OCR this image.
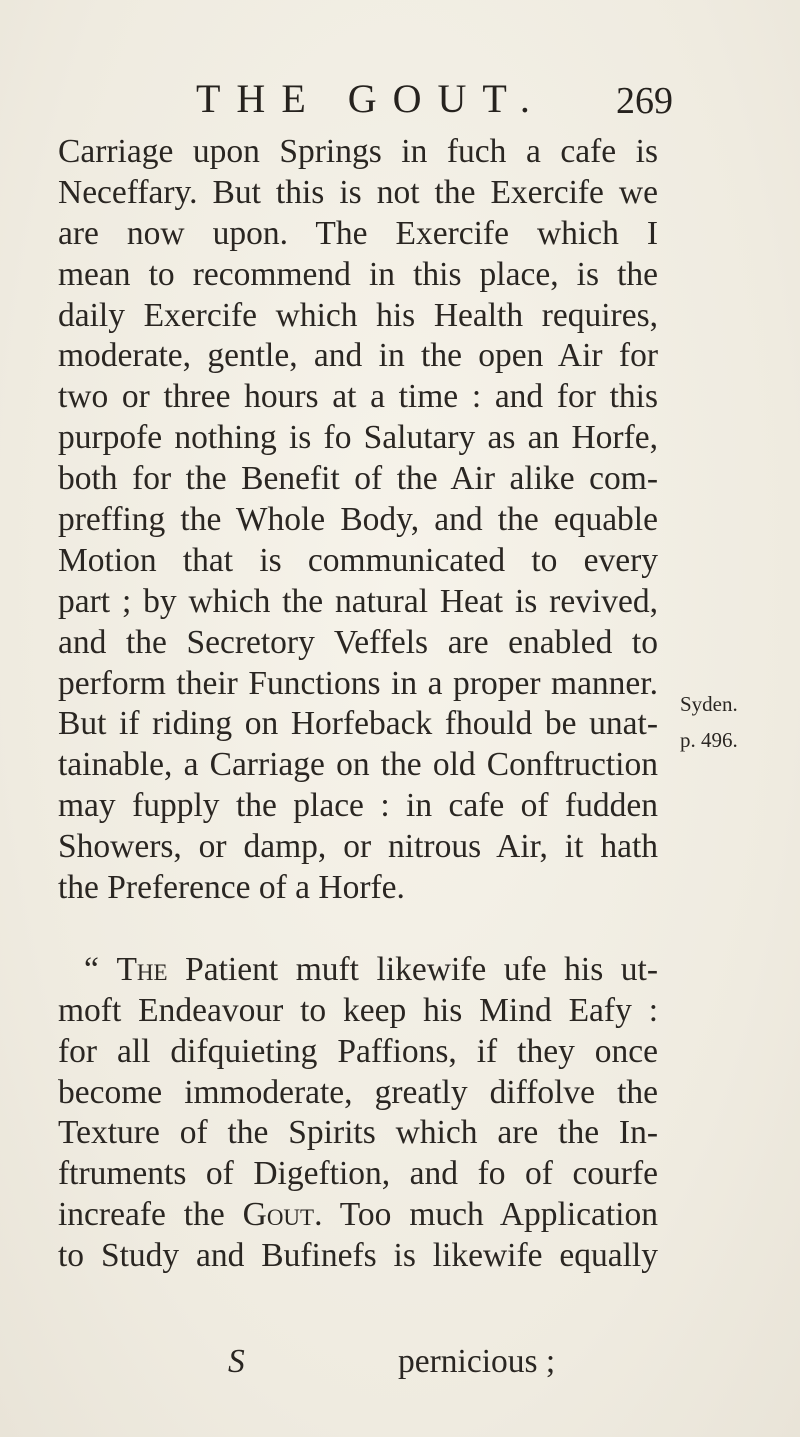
THE GOUT. 269
Carriage upon Springs in fuch a cafe is
Neceffary. But this is not the Exercife we
are now upon. The Exercife which I
mean to recommend in this place, is the
daily Exercife which his Health requires,
moderate, gentle, and in the open Air for
two or three hours at a time : and for this
purpofe nothing is fo Salutary as an Horfe,
both for the Benefit of the Air alike com-
preffing the Whole Body, and the equable
Motion that is communicated to every
part ; by which the natural Heat is revived,
and the Secretory Veffels are enabled to
perform their Functions in a proper manner.
But if riding on Horfeback fhould be unat-
tainable, a Carriage on the old Conftruction
may fupply the place : in cafe of fudden
Showers, or damp, or nitrous Air, it hath
the Preference of a Horfe.
“ The Patient muft likewife ufe his ut-
moft Endeavour to keep his Mind Eafy :
for all difquieting Paffions, if they once
become immoderate, greatly diffolve the
Texture of the Spirits which are the In-
ftruments of Digeftion, and fo of courfe
increafe the Gout. Too much Application
to Study and Bufinefs is likewife equally
Syden.
p. 496.
S	pernicious ;
